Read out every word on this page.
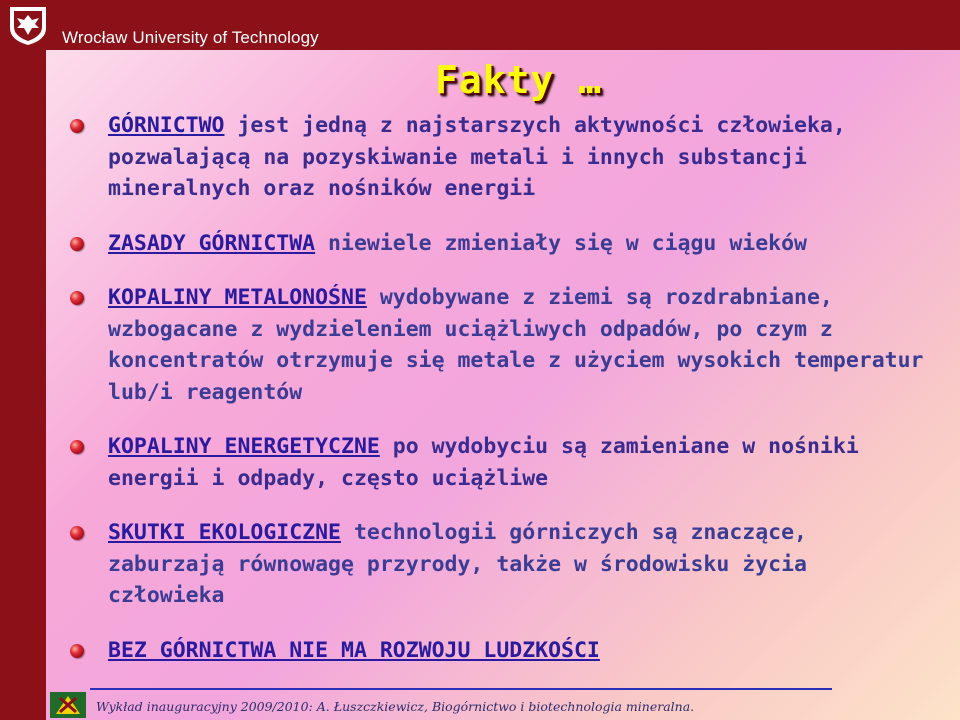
Wrocław University of Technology
Fakty …
GÓRNICTWO jest jedną z najstarszych aktywności człowieka, pozwalającą na pozyskiwanie metali i innych substancji mineralnych oraz nośników energii
ZASADY GÓRNICTWA niewiele zmieniały się w ciągu wieków
KOPALINY METALONOŚNE wydobywane z ziemi są rozdrabniane, wzbogacane z wydzieleniem uciążliwych odpadów, po czym z koncentratów otrzymuje się metale z użyciem wysokich temperatur lub/i reagentów
KOPALINY ENERGETYCZNE po wydobyciu są zamieniane w nośniki energii i odpady, często uciążliwe
SKUTKI EKOLOGICZNE technologii górniczych są znaczące, zaburzają równowagę przyrody, także w środowisku życia człowieka
BEZ GÓRNICTWA NIE MA ROZWOJU LUDZKOŚCI
Wykład inauguracyjny 2009/2010: A. Łuszczkiewicz, Biogórnictwo i biotechnologia mineralna.
